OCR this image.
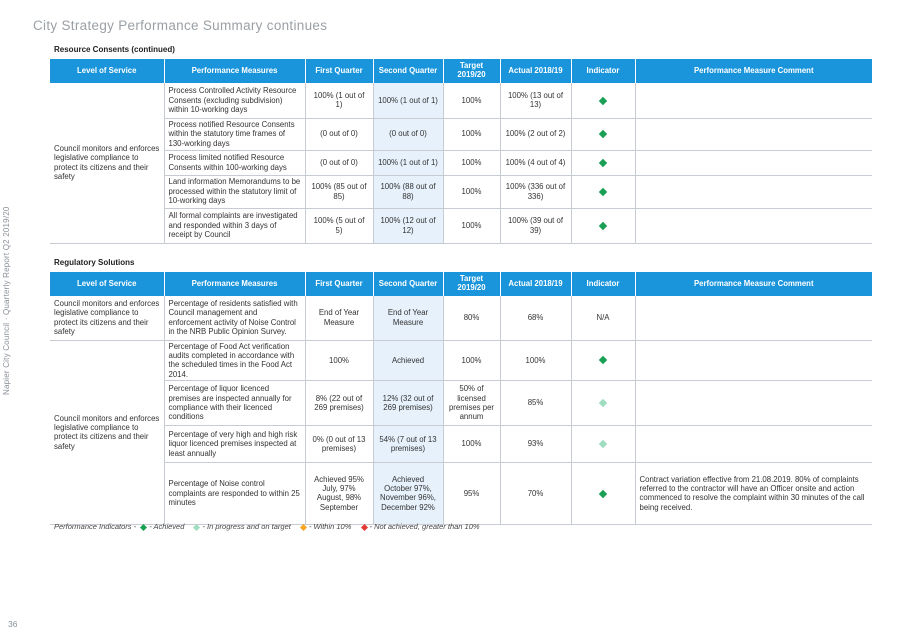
City Strategy Performance Summary continues
Napier City Council · Quarterly Report Q2 2019/20
36
Resource Consents (continued)
Level of Service	Performance Measures	First Quarter	Second Quarter	Target 2019/20	Actual 2018/19	Indicator	Performance Measure Comment
Council monitors and enforces legislative compliance to protect its citizens and their safety	Process Controlled Activity Resource Consents (excluding subdivision) within 10-working days	100% (1 out of 1)	100% (1 out of 1)	100%	100% (13 out of 13)		
	Process notified Resource Consents within the statutory time frames of 130-working days	(0 out of 0)	(0 out of 0)	100%	100% (2 out of 2)		
	Process limited notified Resource Consents within 100-working days	(0 out of 0)	100% (1 out of 1)	100%	100% (4 out of 4)		
	Land information Memorandums to be processed within the statutory limit of 10-working days	100% (85 out of 85)	100% (88 out of 88)	100%	100% (336 out of 336)		
	All formal complaints are investigated and responded within 3 days of receipt by Council	100% (5 out of 5)	100% (12 out of 12)	100%	100% (39 out of 39)		
Regulatory Solutions
Level of Service	Performance Measures	First Quarter	Second Quarter	Target 2019/20	Actual 2018/19	Indicator	Performance Measure Comment
Council monitors and enforces legislative compliance to protect its citizens and their safety	Percentage of residents satisfied with Council management and enforcement activity of Noise Control in the NRB Public Opinion Survey.	End of Year Measure	End of Year Measure	80%	68%	N/A	
Council monitors and enforces legislative compliance to protect its citizens and their safety	Percentage of Food Act verification audits completed in accordance with the scheduled times in the Food Act 2014.	100%	Achieved	100%	100%		
	Percentage of liquor licenced premises are inspected annually for compliance with their licenced conditions	8% (22 out of 269 premises)	12% (32 out of 269 premises)	50% of licensed premises per annum	85%		
	Percentage of very high and high risk liquor licenced premises inspected at least annually	0% (0 out of 13 premises)	54% (7 out of 13 premises)	100%	93%		
	Percentage of Noise control complaints are responded to within 25 minutes	Achieved 95% July, 97% August, 98% September	Achieved October 97%, November 96%, December 92%	95%	70%		Contract variation effective from 21.08.2019. 80% of complaints referred to the contractor will have an Officer onsite and action commenced to resolve the complaint within 30 minutes of the call being received.
Performance Indicators - - Achieved - In progress and on target - Within 10% - Not achieved, greater than 10%
